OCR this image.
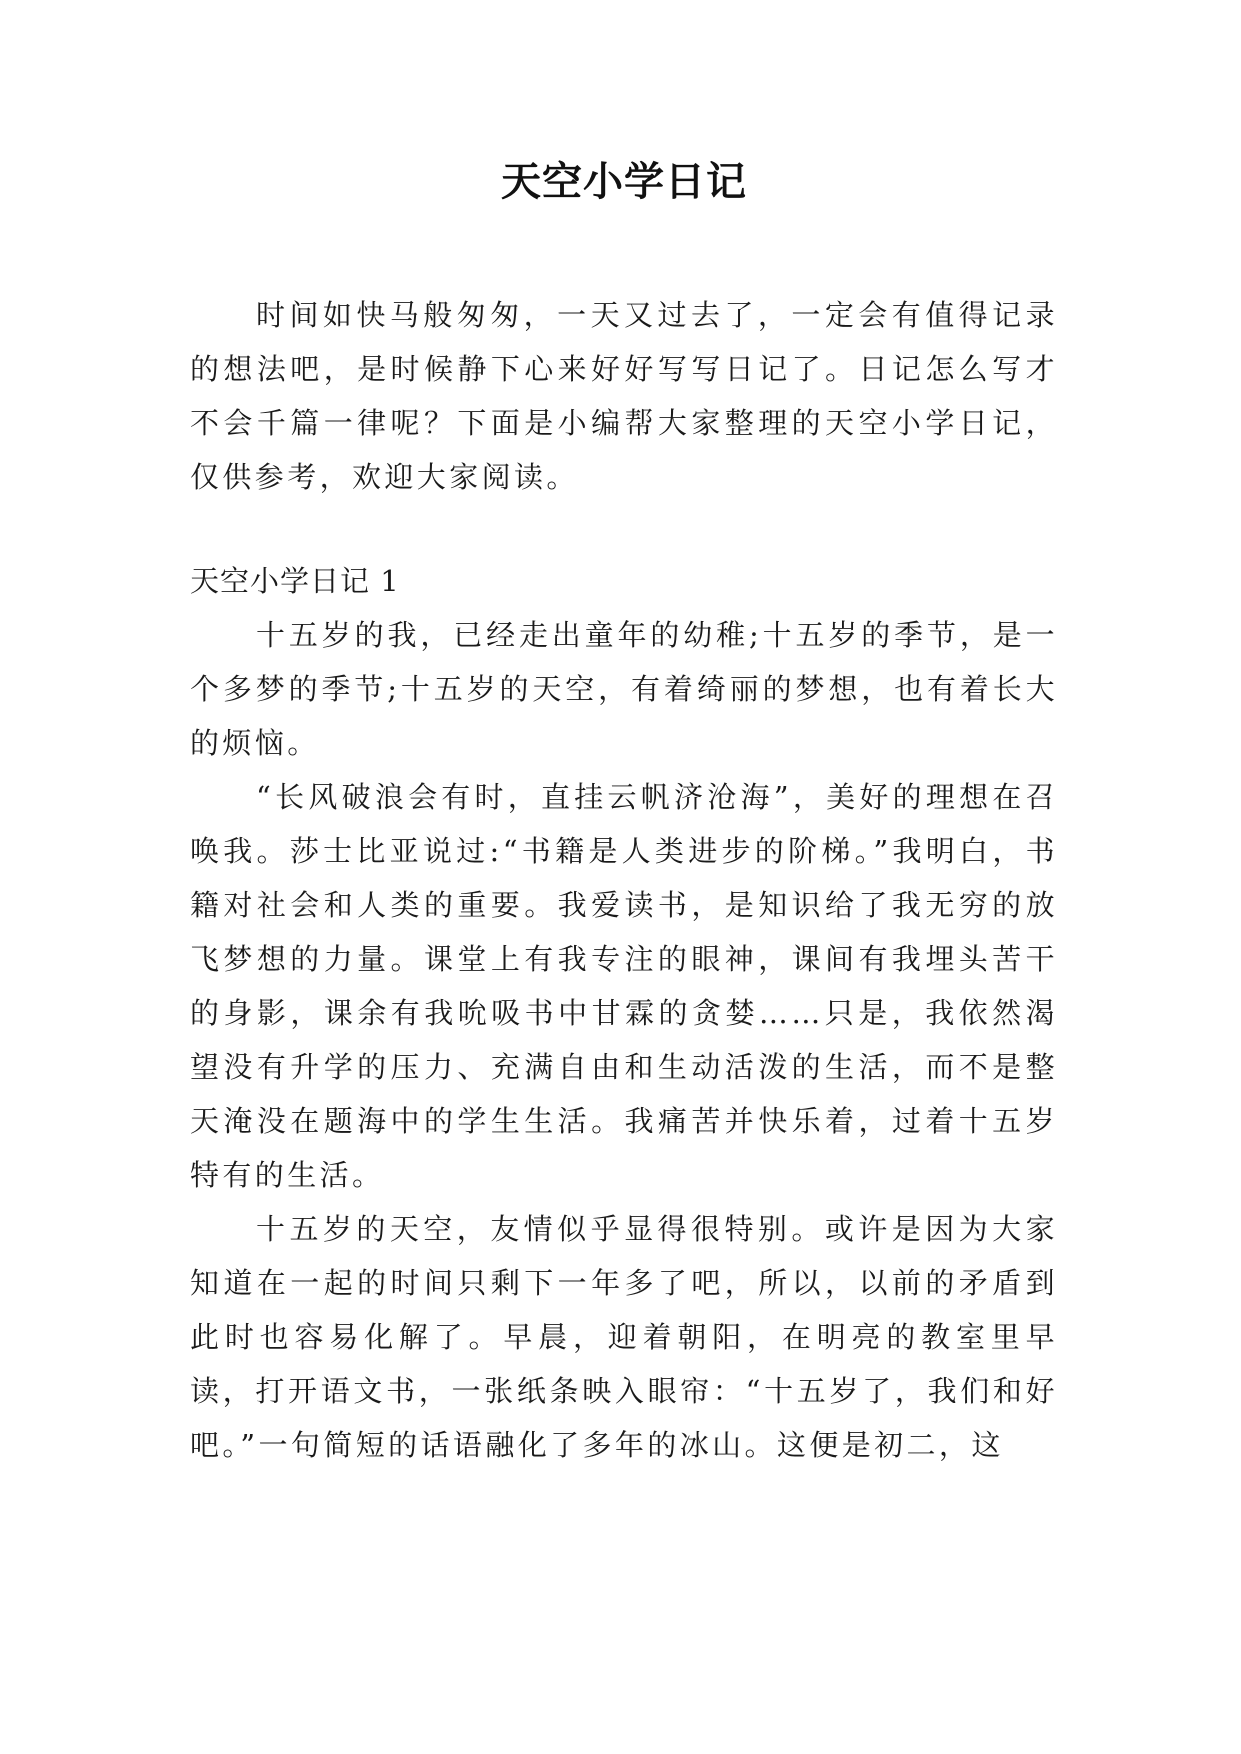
天空小学日记

时间如快马般匆匆，一天又过去了，一定会有值得记录的想法吧，是时候静下心来好好写写日记了。日记怎么写才不会千篇一律呢？下面是小编帮大家整理的天空小学日记，仅供参考，欢迎大家阅读。

天空小学日记 1

十五岁的我，已经走出童年的幼稚;十五岁的季节，是一个多梦的季节;十五岁的天空，有着绮丽的梦想，也有着长大的烦恼。

“长风破浪会有时，直挂云帆济沧海”，美好的理想在召唤我。莎士比亚说过:“书籍是人类进步的阶梯。”我明白，书籍对社会和人类的重要。我爱读书，是知识给了我无穷的放飞梦想的力量。课堂上有我专注的眼神，课间有我埋头苦干的身影，课余有我吮吸书中甘霖的贪婪……只是，我依然渴望没有升学的压力、充满自由和生动活泼的生活，而不是整天淹没在题海中的学生生活。我痛苦并快乐着，过着十五岁特有的生活。

十五岁的天空，友情似乎显得很特别。或许是因为大家知道在一起的时间只剩下一年多了吧，所以，以前的矛盾到此时也容易化解了。早晨，迎着朝阳，在明亮的教室里早读，打开语文书，一张纸条映入眼帘：“十五岁了，我们和好吧。”一句简短的话语融化了多年的冰山。这便是初二，这
